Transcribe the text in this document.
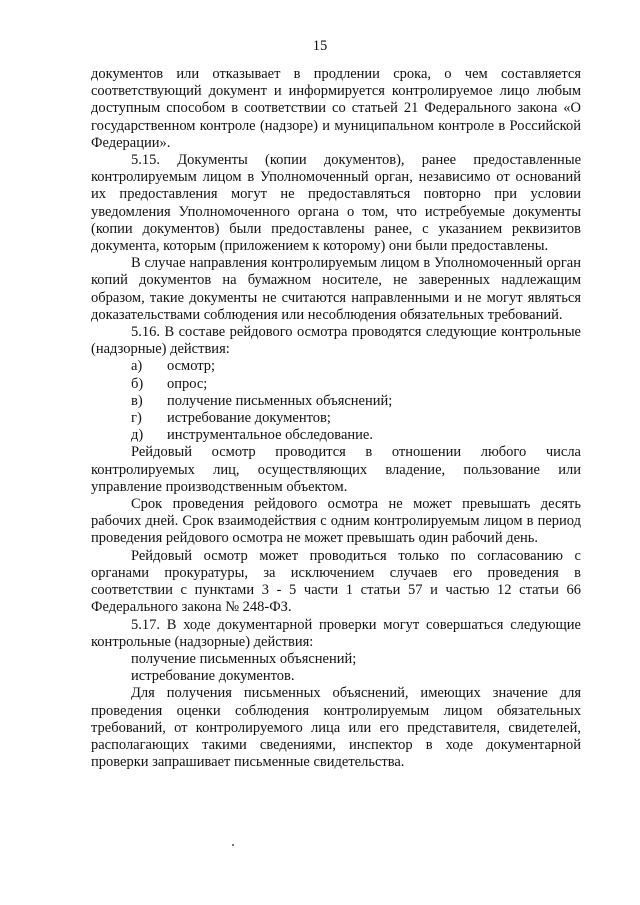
15

документов или отказывает в продлении срока, о чем составляется соответствующий документ и информируется контролируемое лицо любым доступным способом в соответствии со статьей 21 Федерального закона «О государственном контроле (надзоре) и муниципальном контроле в Российской Федерации».

5.15. Документы (копии документов), ранее предоставленные контролируемым лицом в Уполномоченный орган, независимо от оснований их предоставления могут не предоставляться повторно при условии уведомления Уполномоченного органа о том, что истребуемые документы (копии документов) были предоставлены ранее, с указанием реквизитов документа, которым (приложением к которому) они были предоставлены.

В случае направления контролируемым лицом в Уполномоченный орган копий документов на бумажном носителе, не заверенных надлежащим образом, такие документы не считаются направленными и не могут являться доказательствами соблюдения или несоблюдения обязательных требований.

5.16. В составе рейдового осмотра проводятся следующие контрольные (надзорные) действия:

а)	осмотр;
б)	опрос;
в)	получение письменных объяснений;
г)	истребование документов;
д)	инструментальное обследование.

Рейдовый осмотр проводится в отношении любого числа контролируемых лиц, осуществляющих владение, пользование или управление производственным объектом.

Срок проведения рейдового осмотра не может превышать десять рабочих дней. Срок взаимодействия с одним контролируемым лицом в период проведения рейдового осмотра не может превышать один рабочий день.

Рейдовый осмотр может проводиться только по согласованию с органами прокуратуры, за исключением случаев его проведения в соответствии с пунктами 3 - 5 части 1 статьи 57 и частью 12 статьи 66 Федерального закона № 248-ФЗ.

5.17. В ходе документарной проверки могут совершаться следующие контрольные (надзорные) действия:

получение письменных объяснений;

истребование документов.

Для получения письменных объяснений, имеющих значение для проведения оценки соблюдения контролируемым лицом обязательных требований, от контролируемого лица или его представителя, свидетелей, располагающих такими сведениями, инспектор в ходе документарной проверки запрашивает письменные свидетельства.
